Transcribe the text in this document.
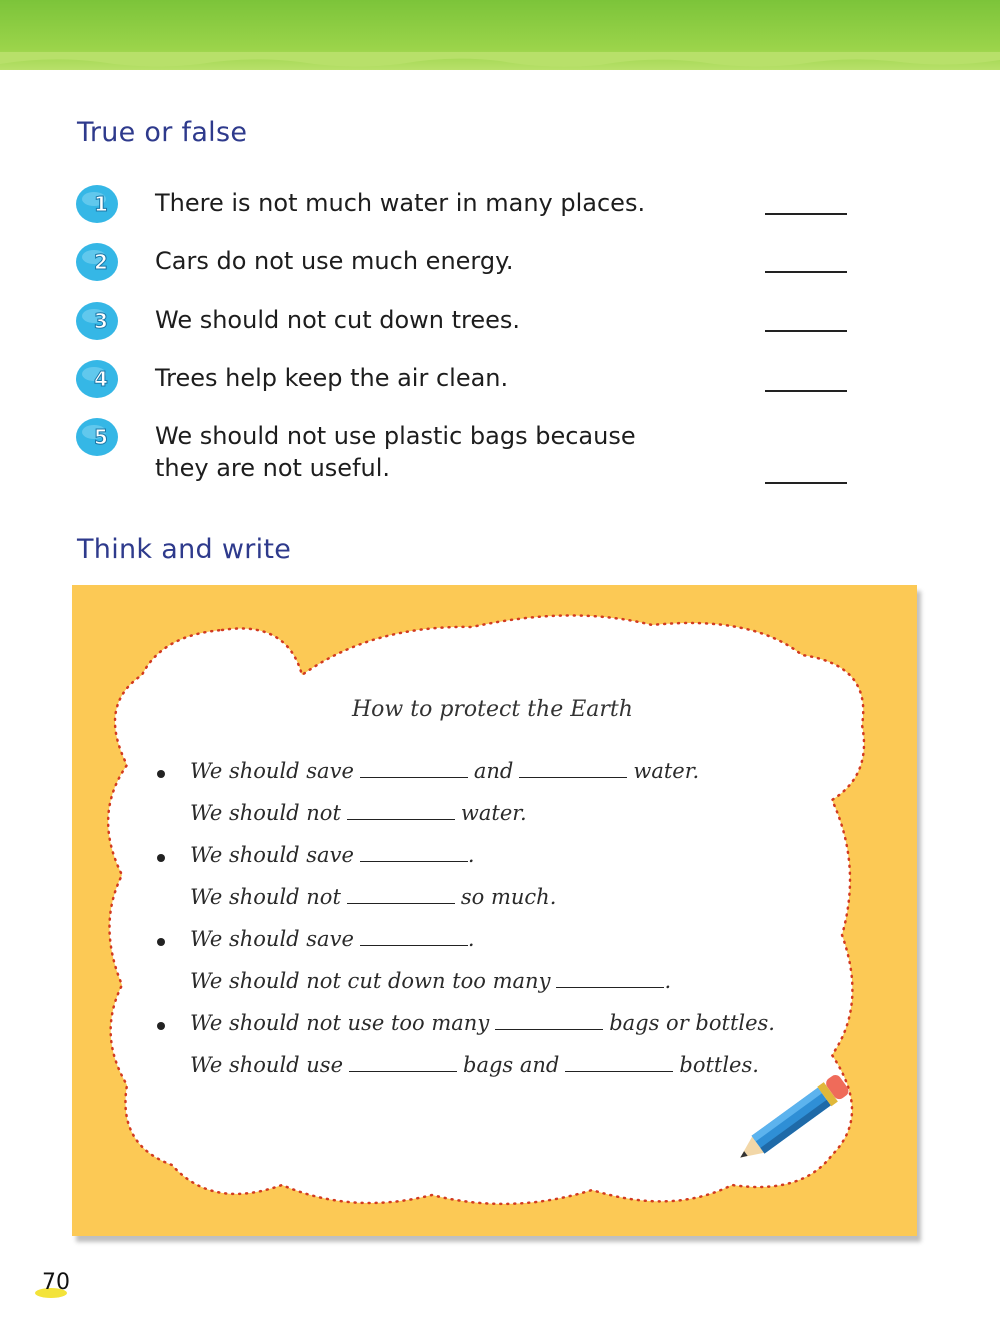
True or false
1 There is not much water in many places.
2 Cars do not use much energy.
3 We should not cut down trees.
4 Trees help keep the air clean.
5 We should not use plastic bags because
they are not useful.
Think and write
How to protect the Earth
We should save	and	water.
We should not	water.
We should save	.
We should not	so much.
We should save	.
We should not cut down too many	.
We should not use too many	bags or bottles.
We should use	bags and	bottles.
70
